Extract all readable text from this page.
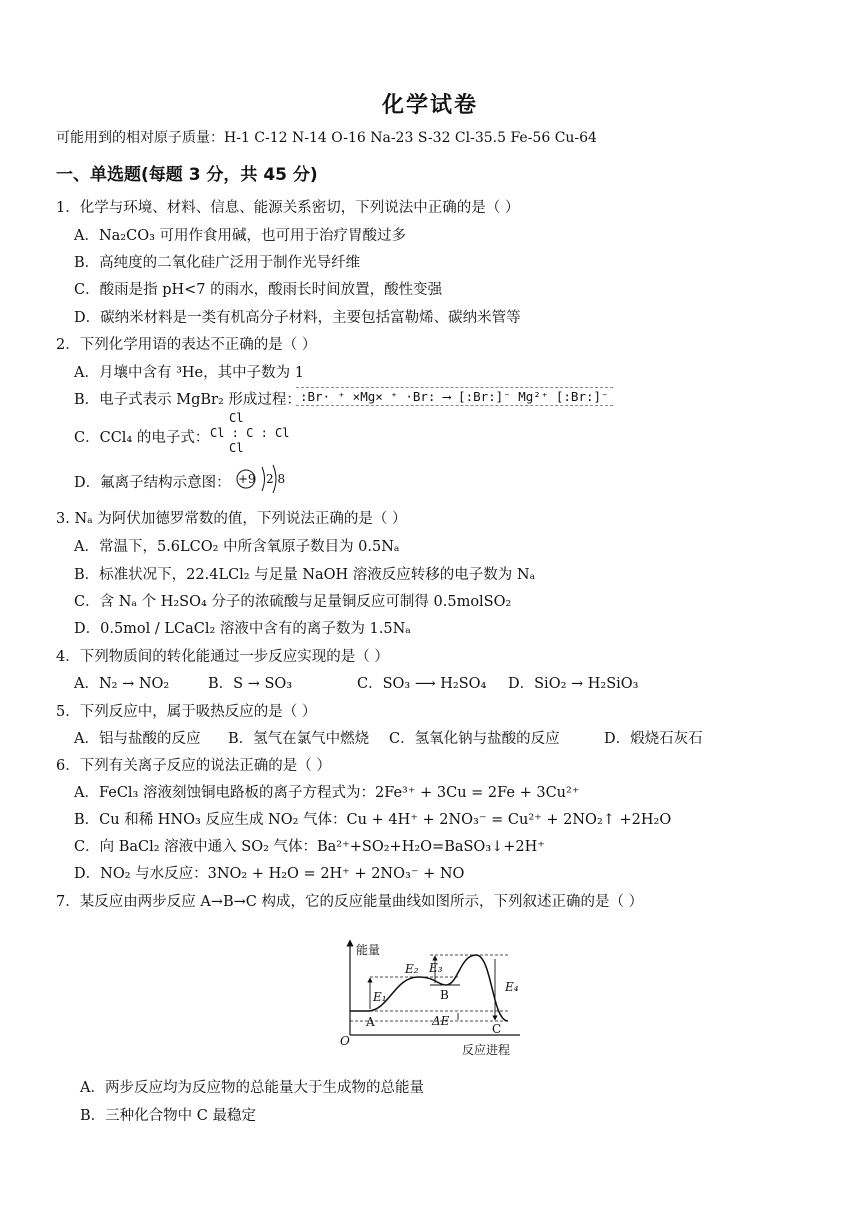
化学试卷
可能用到的相对原子质量：H-1 C-12 N-14 O-16 Na-23 S-32 Cl-35.5 Fe-56 Cu-64
一、单选题(每题 3 分，共 45 分)
1．化学与环境、材料、信息、能源关系密切，下列说法中正确的是（ ）
A．Na₂CO₃ 可用作食用碱，也可用于治疗胃酸过多
B．高纯度的二氧化硅广泛用于制作光导纤维
C．酸雨是指 pH<7 的雨水，酸雨长时间放置，酸性变强
D．碳纳米材料是一类有机高分子材料，主要包括富勒烯、碳纳米管等
2．下列化学用语的表达不正确的是（ ）
A．月壤中含有 ³He，其中子数为 1
B．电子式表示 MgBr₂ 形成过程： :Br· ⁺ ×Mg× ⁺ ·Br: ⟶ [:Br:]⁻ Mg²⁺ [:Br:]⁻
C．CCl₄ 的电子式：
Cl
Cl : C : Cl
Cl
D．氟离子结构示意图： +9 2 8
3. Nₐ 为阿伏加德罗常数的值，下列说法正确的是（ ）
A．常温下，5.6LCO₂ 中所含氧原子数目为 0.5Nₐ
B．标准状况下，22.4LCl₂ 与足量 NaOH 溶液反应转移的电子数为 Nₐ
C．含 Nₐ 个 H₂SO₄ 分子的浓硫酸与足量铜反应可制得 0.5molSO₂
D．0.5mol / LCaCl₂ 溶液中含有的离子数为 1.5Nₐ
4．下列物质间的转化能通过一步反应实现的是（ ）
A．N₂ → NO₂	B．S → SO₃	C．SO₃ ⟶ H₂SO₄ D．SiO₂ → H₂SiO₃
5．下列反应中，属于吸热反应的是（ ）
A．铝与盐酸的反应 B．氢气在氯气中燃烧 C．氢氧化钠与盐酸的反应	D．煅烧石灰石
6．下列有关离子反应的说法正确的是（ ）
A．FeCl₃ 溶液刻蚀铜电路板的离子方程式为：2Fe³⁺ + 3Cu = 2Fe + 3Cu²⁺
B．Cu 和稀 HNO₃ 反应生成 NO₂ 气体：Cu + 4H⁺ + 2NO₃⁻ = Cu²⁺ + 2NO₂↑ +2H₂O
C．向 BaCl₂ 溶液中通入 SO₂ 气体：Ba²⁺+SO₂+H₂O=BaSO₃↓+2H⁺
D．NO₂ 与水反应：3NO₂ + H₂O = 2H⁺ + 2NO₃⁻ + NO
7．某反应由两步反应 A→B→C 构成，它的反应能量曲线如图所示，下列叙述正确的是（ ）
能量
反应进程
O
A
B
C
E₁
E₂ E₃
E₄
ΔE
A．两步反应均为反应物的总能量大于生成物的总能量
B．三种化合物中 C 最稳定
